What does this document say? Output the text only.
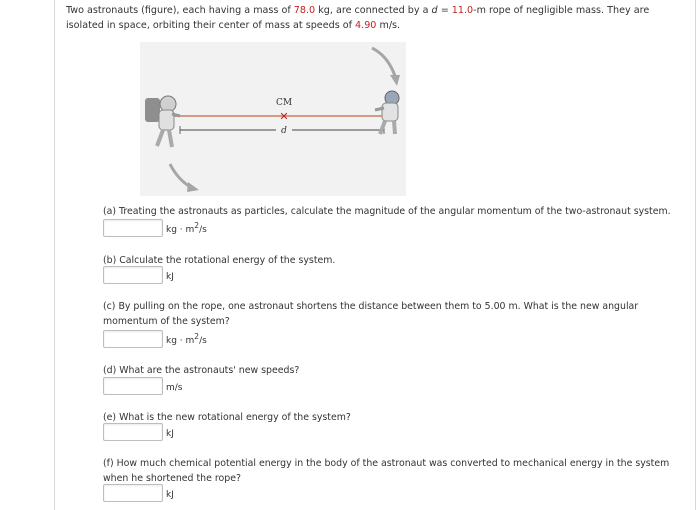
Two astronauts (figure), each having a mass of 78.0 kg, are connected by a d = 11.0-m rope of negligible mass. They are isolated in space, orbiting their center of mass at speeds of 4.90 m/s.
d
CM
✕
(a) Treating the astronauts as particles, calculate the magnitude of the angular momentum of the two-astronaut system.
kg · $m^2/s$
(b) Calculate the rotational energy of the system.
kJ
(c) By pulling on the rope, one astronaut shortens the distance between them to 5.00 m. What is the new angular momentum of the system?
kg · $m^2/s$
(d) What are the astronauts' new speeds?
m/s
(e) What is the new rotational energy of the system?
kJ
(f) How much chemical potential energy in the body of the astronaut was converted to mechanical energy in the system when he shortened the rope?
kJ
